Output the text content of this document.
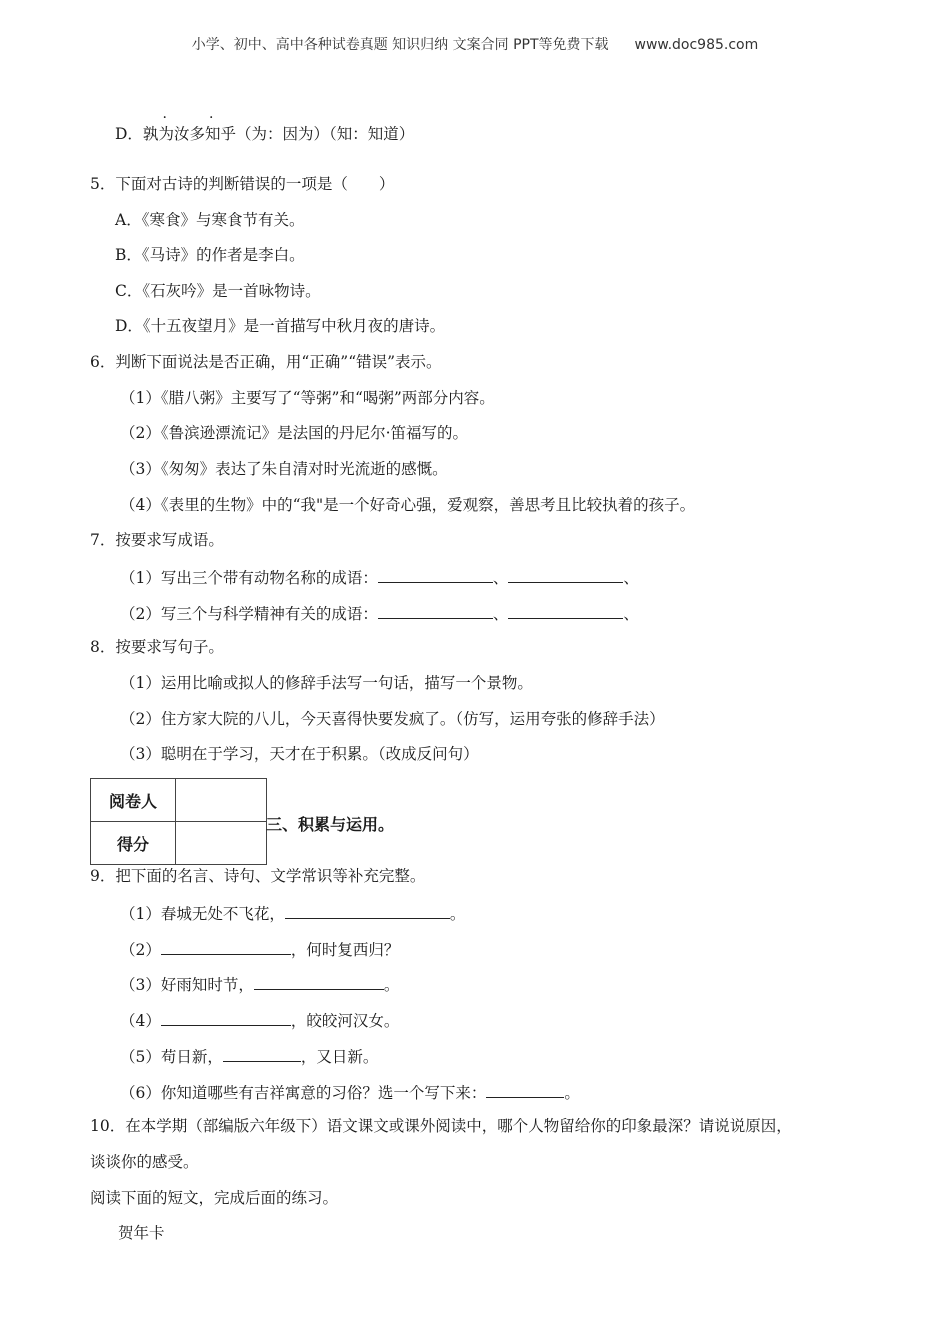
小学、初中、高中各种试卷真题 知识归纳 文案合同 PPT等免费下载 www.doc985.com
D．孰为汝多知乎（为：因为）（知：知道）
5．下面对古诗的判断错误的一项是（　　）
A．《寒食》与寒食节有关。
B．《马诗》的作者是李白。
C．《石灰吟》是一首咏物诗。
D．《十五夜望月》是一首描写中秋月夜的唐诗。
6．判断下面说法是否正确，用“正确”“错误”表示。
（1）《腊八粥》主要写了“等粥”和“喝粥”两部分内容。
（2）《鲁滨逊漂流记》是法国的丹尼尔·笛福写的。
（3）《匆匆》表达了朱自清对时光流逝的感慨。
（4）《表里的生物》中的“我"是一个好奇心强，爱观察，善思考且比较执着的孩子。
7．按要求写成语。
（1）写出三个带有动物名称的成语：	、	、
（2）写三个与科学精神有关的成语：	、	、
8．按要求写句子。
（1）运用比喻或拟人的修辞手法写一句话，描写一个景物。
（2）住方家大院的八儿，今天喜得快要发疯了。（仿写，运用夸张的修辞手法）
（3）聪明在于学习，天才在于积累。（改成反问句）
阅卷人	
得分	
三、积累与运用。
9．把下面的名言、诗句、文学常识等补充完整。
（1）春城无处不飞花，	。
（2）	，何时复西归？
（3）好雨知时节，	。
（4）	，皎皎河汉女。
（5）苟日新，	，又日新。
（6）你知道哪些有吉祥寓意的习俗？选一个写下来：	。
10．在本学期（部编版六年级下）语文课文或课外阅读中，哪个人物留给你的印象最深？请说说原因，
谈谈你的感受。
阅读下面的短文，完成后面的练习。
贺年卡
